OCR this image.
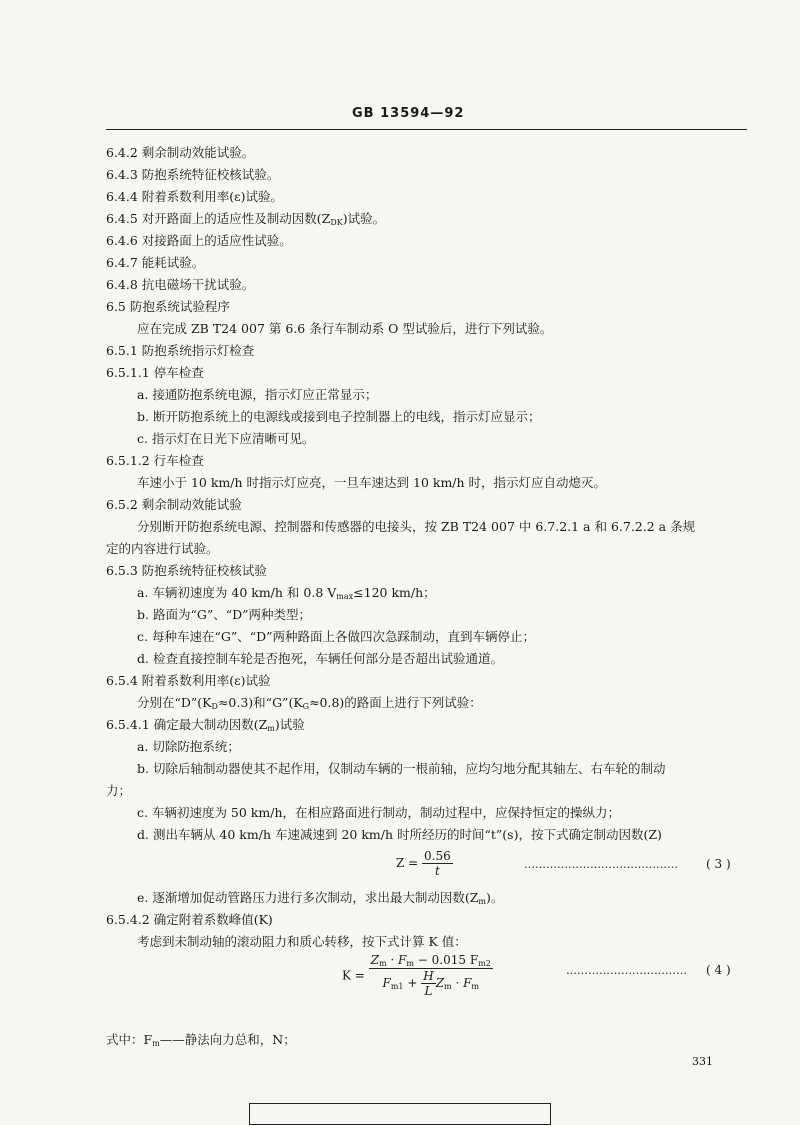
GB 13594—92
6.4.2 剩余制动效能试验。
6.4.3 防抱系统特征校核试验。
6.4.4 附着系数利用率(ε)试验。
6.4.5 对开路面上的适应性及制动因数$(Z_{DK})$试验。
6.4.6 对接路面上的适应性试验。
6.4.7 能耗试验。
6.4.8 抗电磁场干扰试验。
6.5 防抱系统试验程序
应在完成 ZB T24 007 第 6.6 条行车制动系 O 型试验后，进行下列试验。
6.5.1 防抱系统指示灯检查
6.5.1.1 停车检查
a. 接通防抱系统电源，指示灯应正常显示；
b. 断开防抱系统上的电源线或接到电子控制器上的电线，指示灯应显示；
c. 指示灯在日光下应清晰可见。
6.5.1.2 行车检查
车速小于 10 km/h 时指示灯应亮，一旦车速达到 10 km/h 时，指示灯应自动熄灭。
6.5.2 剩余制动效能试验
分别断开防抱系统电源、控制器和传感器的电接头，按 ZB T24 007 中 6.7.2.1 a 和 6.7.2.2 a 条规
定的内容进行试验。
6.5.3 防抱系统特征校核试验
a. 车辆初速度为 40 km/h 和 0.8 $V_{max}\le 120$ km/h；
b. 路面为“G”、“D”两种类型；
c. 每种车速在“G”、“D”两种路面上各做四次急踩制动，直到车辆停止；
d. 检查直接控制车轮是否抱死，车辆任何部分是否超出试验通道。
6.5.4 附着系数利用率(ε)试验
分别在“$D”(K_D\approx 0.3)$和“$G”(K_G\approx 0.8)$的路面上进行下列试验：
6.5.4.1 确定最大制动因数$(Z_m)$试验
a. 切除防抱系统；
b. 切除后轴制动器使其不起作用，仅制动车辆的一根前轴，应均匀地分配其轴左、右车轮的制动
力；
c. 车辆初速度为 50 km/h，在相应路面进行制动，制动过程中，应保持恒定的操纵力；
d. 测出车辆从 40 km/h 车速减速到 20 km/h 时所经历的时间“t”(s)，按下式确定制动因数(Z)
$Z = \frac{0.56}{t}$	…………………………………… ( 3 )
e. 逐渐增加促动管路压力进行多次制动，求出最大制动因数$(Z_m)$。
6.5.4.2 确定附着系数峰值(K)
考虑到未制动轴的滚动阻力和质心转移，按下式计算 K 值：
$K = \frac{Z_m \cdot F_m - 0.015 F_{m2}}{F_{m1} + \frac{H}{L} Z_m \cdot F_m}$	…………………………… ( 4 )
式中：$F_m——$静法向力总和，N；
331
